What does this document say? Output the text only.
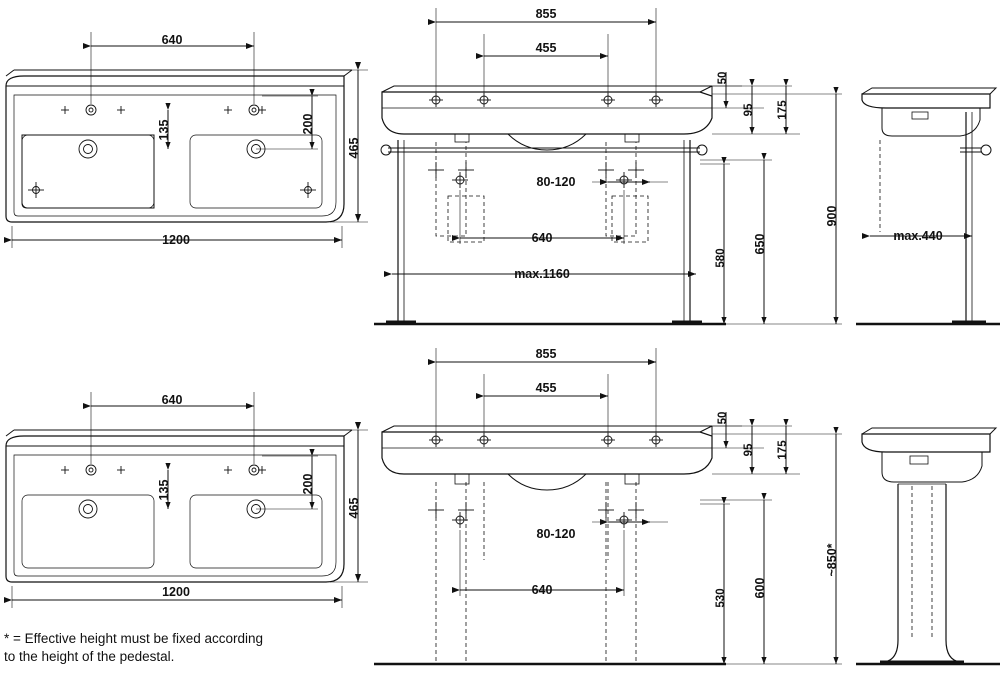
640
135	200
465
1200
855
455
50
95 175
80-120
640
max.1160
580
650
900
max.440
640
135	200
465
1200
855
455
50
95 175
80-120
640	530 600
~850*
* = Effective height must be fixed according
to the height of the pedestal.
